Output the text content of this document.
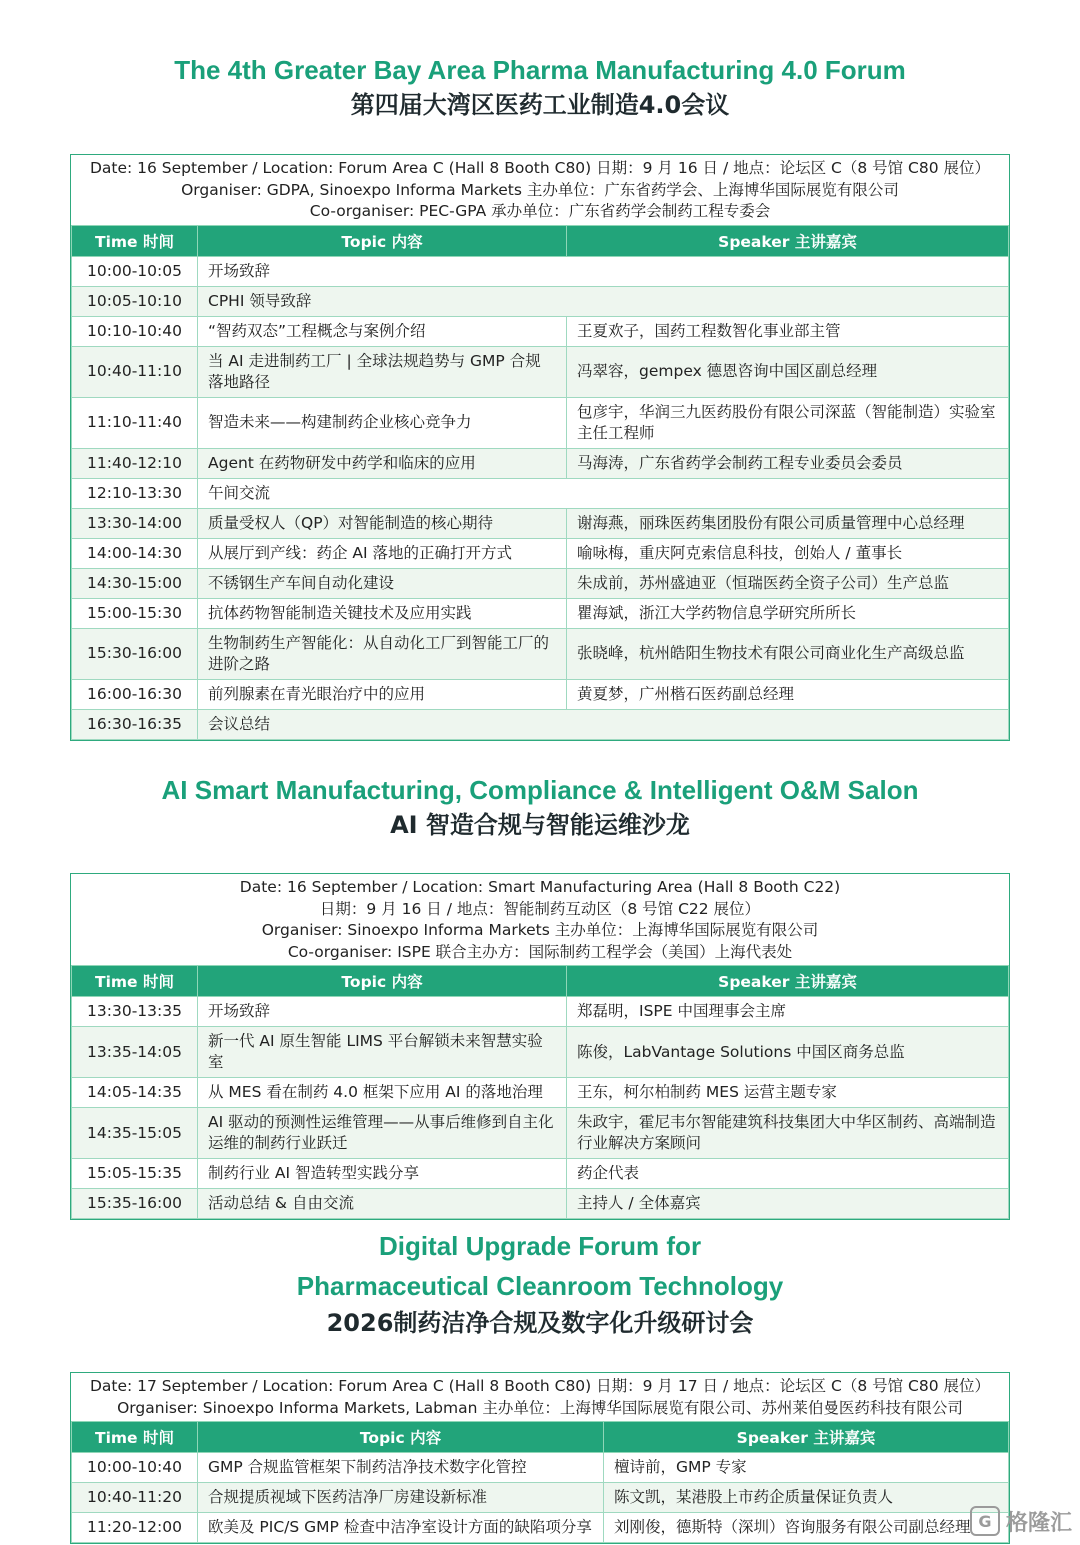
The 4th Greater Bay Area Pharma Manufacturing 4.0 Forum
第四届大湾区医药工业制造4.0会议
Date: 16 September / Location: Forum Area C (Hall 8 Booth C80) 日期：9 月 16 日 / 地点：论坛区 C（8 号馆 C80 展位）
Organiser: GDPA, Sinoexpo Informa Markets 主办单位：广东省药学会、上海博华国际展览有限公司
Co-organiser: PEC-GPA 承办单位：广东省药学会制药工程专委会
Time 时间	Topic 内容	Speaker 主讲嘉宾
10:00-10:05	开场致辞	
10:05-10:10	CPHI 领导致辞	
10:10-10:40	“智药双态”工程概念与案例介绍	王夏欢子，国药工程数智化事业部主管
10:40-11:10	当 AI 走进制药工厂 | 全球法规趋势与 GMP 合规落地路径	冯翠容，gempex 德恩咨询中国区副总经理
11:10-11:40	智造未来——构建制药企业核心竞争力	包彦宇，华润三九医药股份有限公司深蓝（智能制造）实验室主任工程师
11:40-12:10	Agent 在药物研发中药学和临床的应用	马海涛，广东省药学会制药工程专业委员会委员
12:10-13:30	午间交流	
13:30-14:00	质量受权人（QP）对智能制造的核心期待	谢海燕，丽珠医药集团股份有限公司质量管理中心总经理
14:00-14:30	从展厅到产线：药企 AI 落地的正确打开方式	喻咏梅，重庆阿克索信息科技，创始人 / 董事长
14:30-15:00	不锈钢生产车间自动化建设	朱成前，苏州盛迪亚（恒瑞医药全资子公司）生产总监
15:00-15:30	抗体药物智能制造关键技术及应用实践	瞿海斌，浙江大学药物信息学研究所所长
15:30-16:00	生物制药生产智能化：从自动化工厂到智能工厂的进阶之路	张晓峰，杭州皓阳生物技术有限公司商业化生产高级总监
16:00-16:30	前列腺素在青光眼治疗中的应用	黄夏梦，广州楷石医药副总经理
16:30-16:35	会议总结	
AI Smart Manufacturing, Compliance & Intelligent O&M Salon
AI 智造合规与智能运维沙龙
Date: 16 September / Location: Smart Manufacturing Area (Hall 8 Booth C22)
日期：9 月 16 日 / 地点：智能制药互动区（8 号馆 C22 展位）
Organiser: Sinoexpo Informa Markets 主办单位：上海博华国际展览有限公司
Co-organiser: ISPE 联合主办方：国际制药工程学会（美国）上海代表处
Time 时间	Topic 内容	Speaker 主讲嘉宾
13:30-13:35	开场致辞	郑磊明，ISPE 中国理事会主席
13:35-14:05	新一代 AI 原生智能 LIMS 平台解锁未来智慧实验室	陈俊，LabVantage Solutions 中国区商务总监
14:05-14:35	从 MES 看在制药 4.0 框架下应用 AI 的落地治理	王东，柯尔柏制药 MES 运营主题专家
14:35-15:05	AI 驱动的预测性运维管理——从事后维修到自主化运维的制药行业跃迁	朱政宇，霍尼韦尔智能建筑科技集团大中华区制药、高端制造行业解决方案顾问
15:05-15:35	制药行业 AI 智造转型实践分享	药企代表
15:35-16:00	活动总结 & 自由交流	主持人 / 全体嘉宾
Digital Upgrade Forum for
Pharmaceutical Cleanroom Technology
2026制药洁净合规及数字化升级研讨会
Date: 17 September / Location: Forum Area C (Hall 8 Booth C80) 日期：9 月 17 日 / 地点：论坛区 C（8 号馆 C80 展位）
Organiser: Sinoexpo Informa Markets, Labman 主办单位：上海博华国际展览有限公司、苏州莱伯曼医药科技有限公司
Time 时间	Topic 内容	Speaker 主讲嘉宾
10:00-10:40	GMP 合规监管框架下制药洁净技术数字化管控	檀诗前，GMP 专家
10:40-11:20	合规提质视域下医药洁净厂房建设新标准	陈文凯，某港股上市药企质量保证负责人
11:20-12:00	欧美及 PIC/S GMP 检查中洁净室设计方面的缺陷项分享	刘刚俊，德斯特（深圳）咨询服务有限公司副总经理 G 格隆汇
